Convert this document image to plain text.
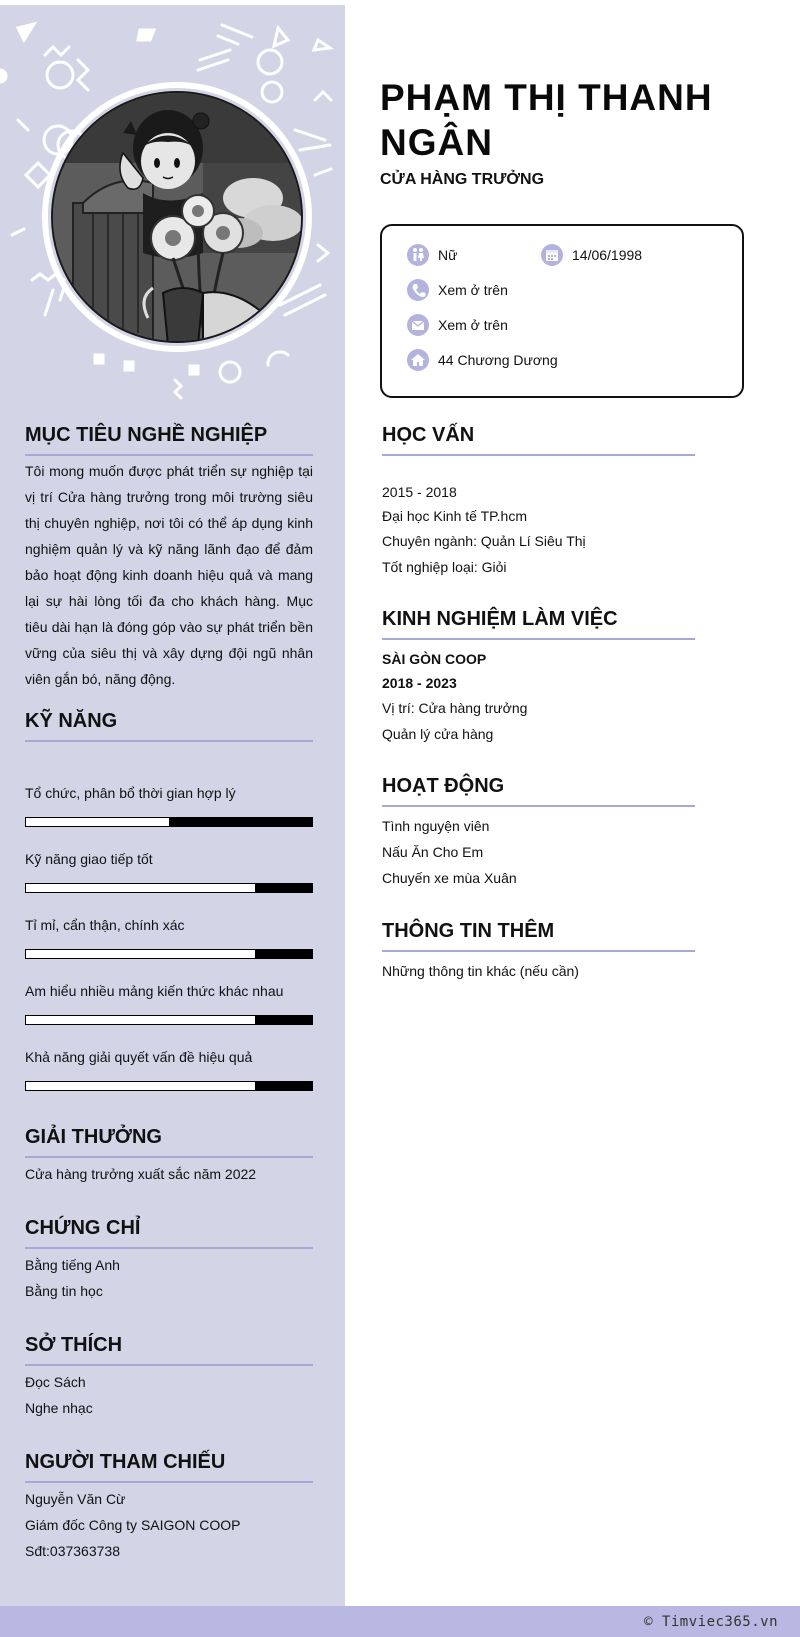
MỤC TIÊU NGHỀ NGHIỆP
Tôi mong muốn được phát triển sự nghiệp tại vị trí Cửa hàng trưởng trong môi trường siêu thị chuyên nghiệp, nơi tôi có thể áp dụng kinh nghiệm quản lý và kỹ năng lãnh đạo để đảm bảo hoạt động kinh doanh hiệu quả và mang lại sự hài lòng tối đa cho khách hàng. Mục tiêu dài hạn là đóng góp vào sự phát triển bền vững của siêu thị và xây dựng đội ngũ nhân viên gắn bó, năng động.
KỸ NĂNG
Tổ chức, phân bổ thời gian hợp lý
Kỹ năng giao tiếp tốt
Tỉ mỉ, cẩn thận, chính xác
Am hiểu nhiều mảng kiến thức khác nhau
Khả năng giải quyết vấn đề hiệu quả
GIẢI THƯỞNG
Cửa hàng trưởng xuất sắc năm 2022
CHỨNG CHỈ
Bằng tiếng Anh
Bằng tin học
SỞ THÍCH
Đọc Sách
Nghe nhạc
NGƯỜI THAM CHIẾU
Nguyễn Văn Cừ
Giám đốc Công ty SAIGON COOP
Sđt:037363738
PHẠM THỊ THANH NGÂN
CỬA HÀNG TRƯỞNG
Nữ	14/06/1998
Xem ở trên
Xem ở trên
44 Chương Dương
HỌC VẤN
2015 - 2018
Đại học Kinh tế TP.hcm
Chuyên ngành: Quản Lí Siêu Thị
Tốt nghiệp loại: Giỏi
KINH NGHIỆM LÀM VIỆC
SÀI GÒN COOP
2018 - 2023
Vị trí: Cửa hàng trưởng
Quản lý cửa hàng
HOẠT ĐỘNG
Tình nguyện viên
Nấu Ăn Cho Em
Chuyến xe mùa Xuân
THÔNG TIN THÊM
Những thông tin khác (nếu cần)
© Timviec365.vn
